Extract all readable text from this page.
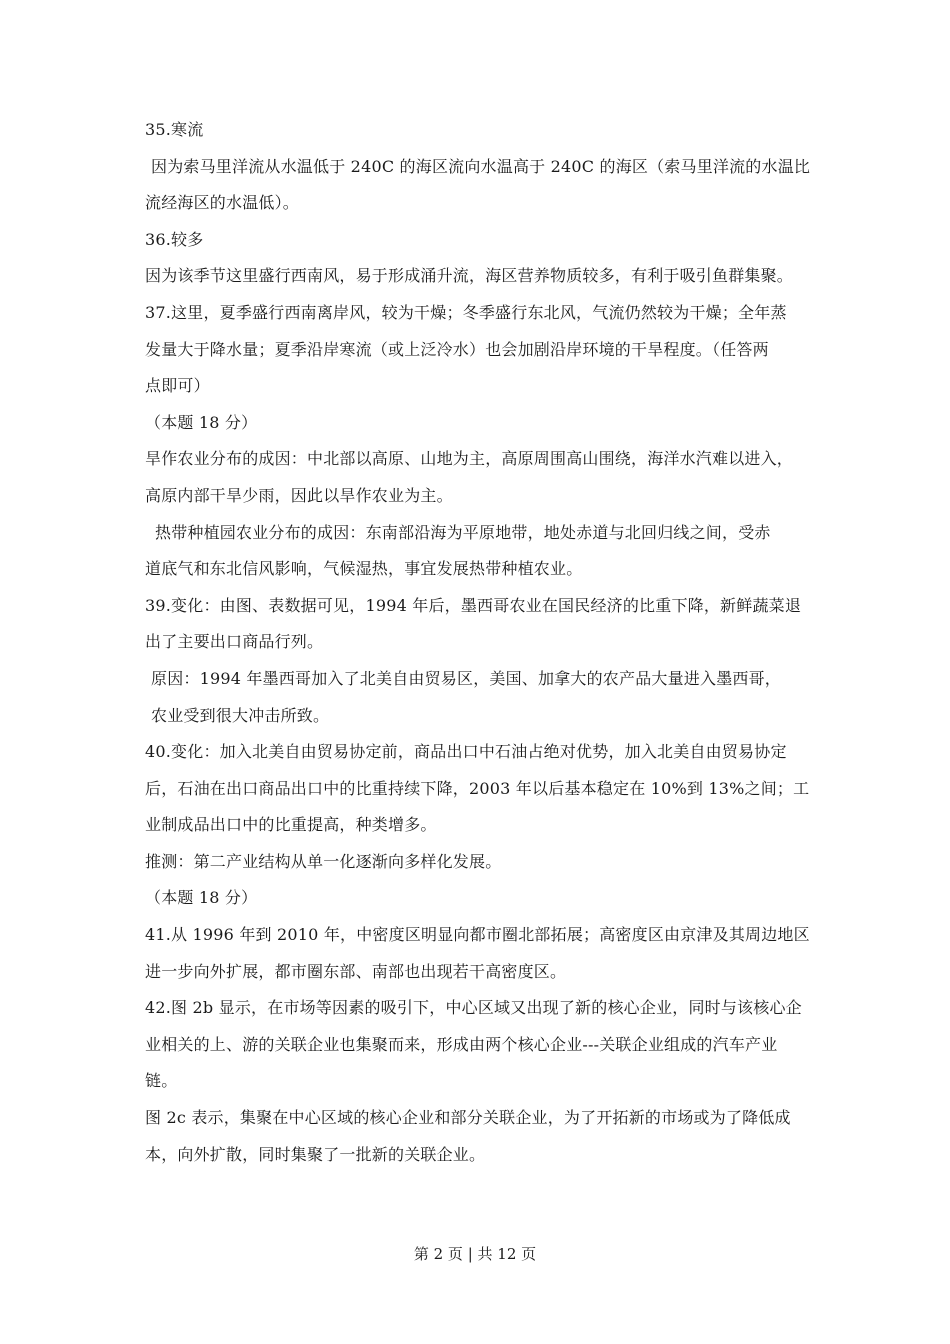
35.寒流
因为索马里洋流从水温低于 240C 的海区流向水温高于 240C 的海区（索马里洋流的水温比
流经海区的水温低）。
36.较多
因为该季节这里盛行西南风，易于形成涌升流，海区营养物质较多，有利于吸引鱼群集聚。
37.这里，夏季盛行西南离岸风，较为干燥；冬季盛行东北风，气流仍然较为干燥；全年蒸
发量大于降水量；夏季沿岸寒流（或上泛冷水）也会加剧沿岸环境的干旱程度。（任答两
点即可）
（本题 18 分）
旱作农业分布的成因：中北部以高原、山地为主，高原周围高山围绕，海洋水汽难以进入，
高原内部干旱少雨，因此以旱作农业为主。
热带种植园农业分布的成因：东南部沿海为平原地带，地处赤道与北回归线之间，受赤
道底气和东北信风影响，气候湿热，事宜发展热带种植农业。
39.变化：由图、表数据可见，1994 年后，墨西哥农业在国民经济的比重下降，新鲜蔬菜退
出了主要出口商品行列。
原因：1994 年墨西哥加入了北美自由贸易区，美国、加拿大的农产品大量进入墨西哥，
农业受到很大冲击所致。
40.变化：加入北美自由贸易协定前，商品出口中石油占绝对优势，加入北美自由贸易协定
后，石油在出口商品出口中的比重持续下降，2003 年以后基本稳定在 10%到 13%之间；工
业制成品出口中的比重提高，种类增多。
推测：第二产业结构从单一化逐渐向多样化发展。
（本题 18 分）
41.从 1996 年到 2010 年，中密度区明显向都市圈北部拓展；高密度区由京津及其周边地区
进一步向外扩展，都市圈东部、南部也出现若干高密度区。
42.图 2b 显示，在市场等因素的吸引下，中心区域又出现了新的核心企业，同时与该核心企
业相关的上、游的关联企业也集聚而来，形成由两个核心企业---关联企业组成的汽车产业
链。
图 2c 表示，集聚在中心区域的核心企业和部分关联企业，为了开拓新的市场或为了降低成
本，向外扩散，同时集聚了一批新的关联企业。
第 2 页 | 共 12 页
